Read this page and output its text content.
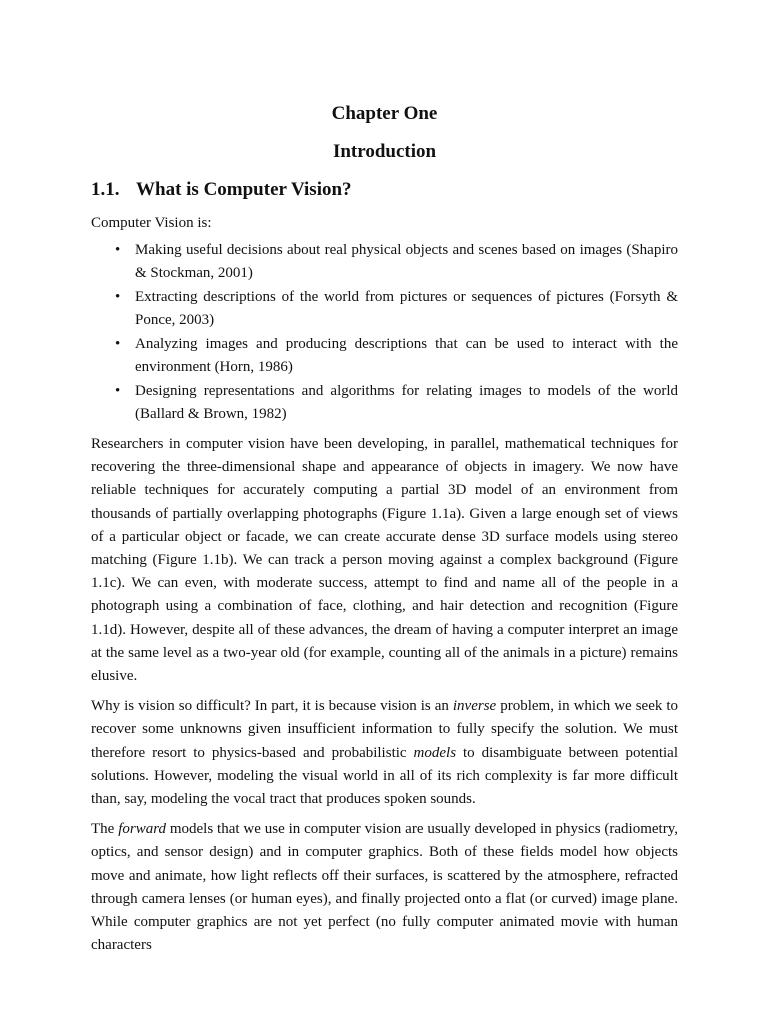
Chapter One
Introduction
1.1. What is Computer Vision?

Computer Vision is:

• Making useful decisions about real physical objects and scenes based on images (Shapiro & Stockman, 2001)
• Extracting descriptions of the world from pictures or sequences of pictures (Forsyth & Ponce, 2003)
• Analyzing images and producing descriptions that can be used to interact with the environment (Horn, 1986)
• Designing representations and algorithms for relating images to models of the world (Ballard & Brown, 1982)

Researchers in computer vision have been developing, in parallel, mathematical techniques for recovering the three-dimensional shape and appearance of objects in imagery. We now have reliable techniques for accurately computing a partial 3D model of an environment from thousands of partially overlapping photographs (Figure 1.1a). Given a large enough set of views of a particular object or facade, we can create accurate dense 3D surface models using stereo matching (Figure 1.1b). We can track a person moving against a complex background (Figure 1.1c). We can even, with moderate success, attempt to find and name all of the people in a photograph using a combination of face, clothing, and hair detection and recognition (Figure 1.1d). However, despite all of these advances, the dream of having a computer interpret an image at the same level as a two-year old (for example, counting all of the animals in a picture) remains elusive.

Why is vision so difficult? In part, it is because vision is an inverse problem, in which we seek to recover some unknowns given insufficient information to fully specify the solution. We must therefore resort to physics-based and probabilistic models to disambiguate between potential solutions. However, modeling the visual world in all of its rich complexity is far more difficult than, say, modeling the vocal tract that produces spoken sounds.

The forward models that we use in computer vision are usually developed in physics (radiometry, optics, and sensor design) and in computer graphics. Both of these fields model how objects move and animate, how light reflects off their surfaces, is scattered by the atmosphere, refracted through camera lenses (or human eyes), and finally projected onto a flat (or curved) image plane. While computer graphics are not yet perfect (no fully computer animated movie with human characters
